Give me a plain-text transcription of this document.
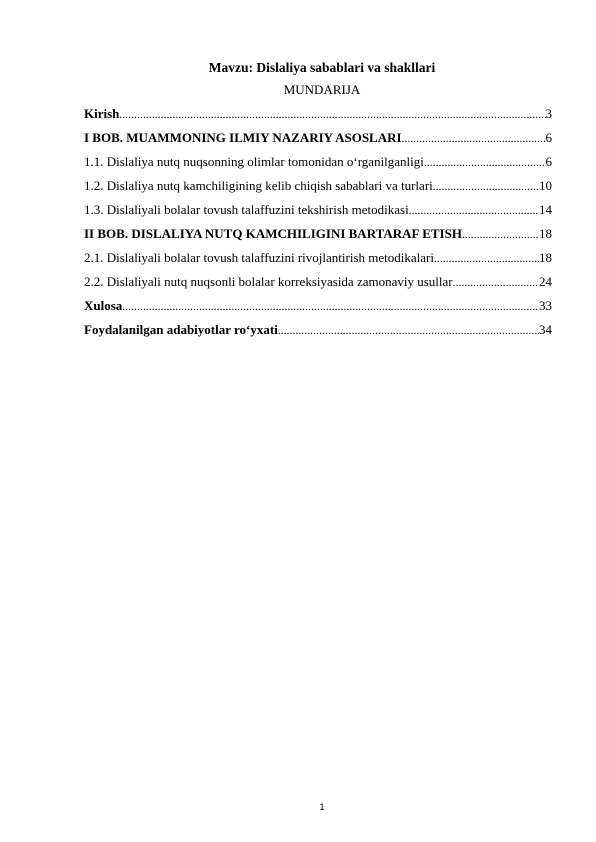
Mavzu: Dislaliya sabablari va shakllari
MUNDARIJA
Kirish .....	3
I BOB. MUAMMONING ILMIY NAZARIY ASOSLARI .....	6
1.1. Dislaliya nutq nuqsonning olimlar tomonidan o‘rganilganligi .....	6
1.2. Dislaliya nutq kamchiligining kelib chiqish sabablari va turlari .....	10
1.3. Dislaliyali bolalar tovush talaffuzini tekshirish metodikasi .....	14
II BOB. DISLALIYA NUTQ KAMCHILIGINI BARTARAF ETISH .....	18
2.1. Dislaliyali bolalar tovush talaffuzini rivojlantirish metodikalari .....	18
2.2. Dislaliyali nutq nuqsonli bolalar korreksiyasida zamonaviy usullar .....	24
Xulosa .....	33
Foydalanilgan adabiyotlar ro‘yxati .....	34
1
